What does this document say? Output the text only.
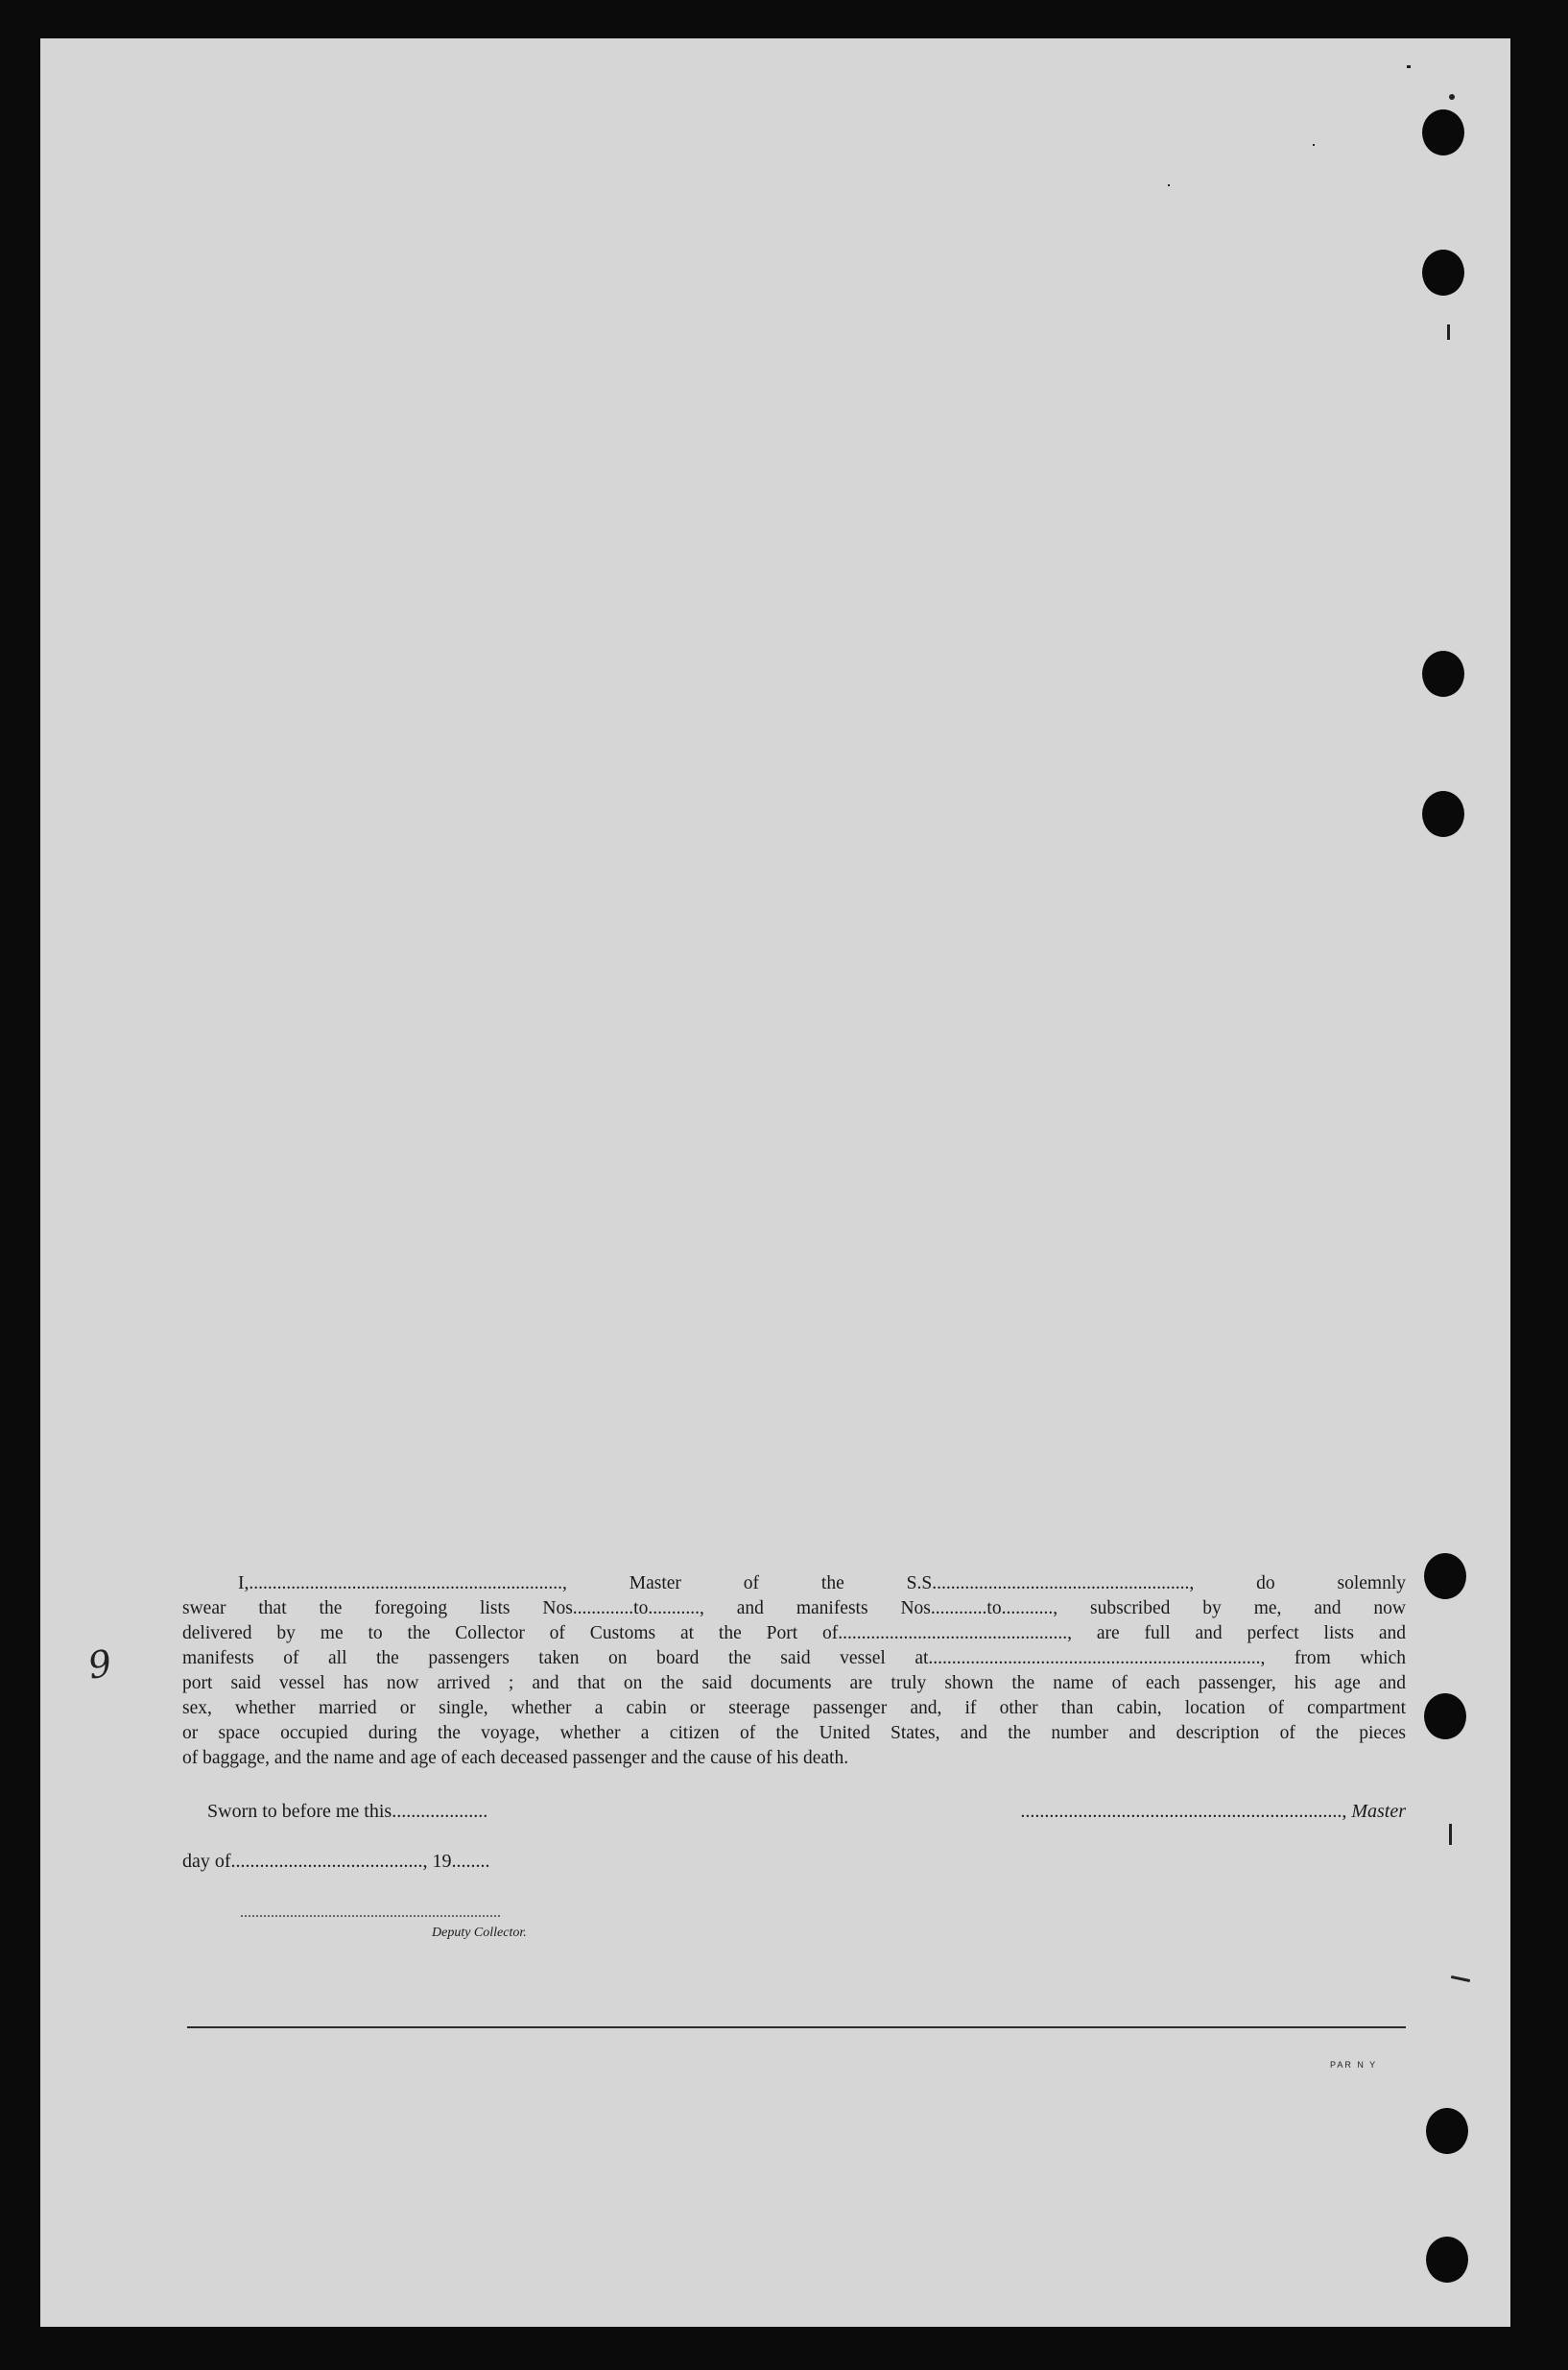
9
I,..................................................................., Master of the S.S......................................................., do solemnly
swear that the foregoing lists Nos.............to..........., and manifests Nos............to..........., subscribed by me, and now
delivered by me to the Collector of Customs at the Port of................................................., are full and perfect lists and
manifests of all the passengers taken on board the said vessel at......................................................................., from which
port said vessel has now arrived ; and that on the said documents are truly shown the name of each passenger, his age and
sex, whether married or single, whether a cabin or steerage passenger and, if other than cabin, location of compartment
or space occupied during the voyage, whether a citizen of the United States, and the number and description of the pieces
of baggage, and the name and age of each deceased passenger and the cause of his death.
Sworn to before me this....................	..................................................................., Master
day of........................................, 19........
....................................................................
Deputy Collector.
PAR N Y
